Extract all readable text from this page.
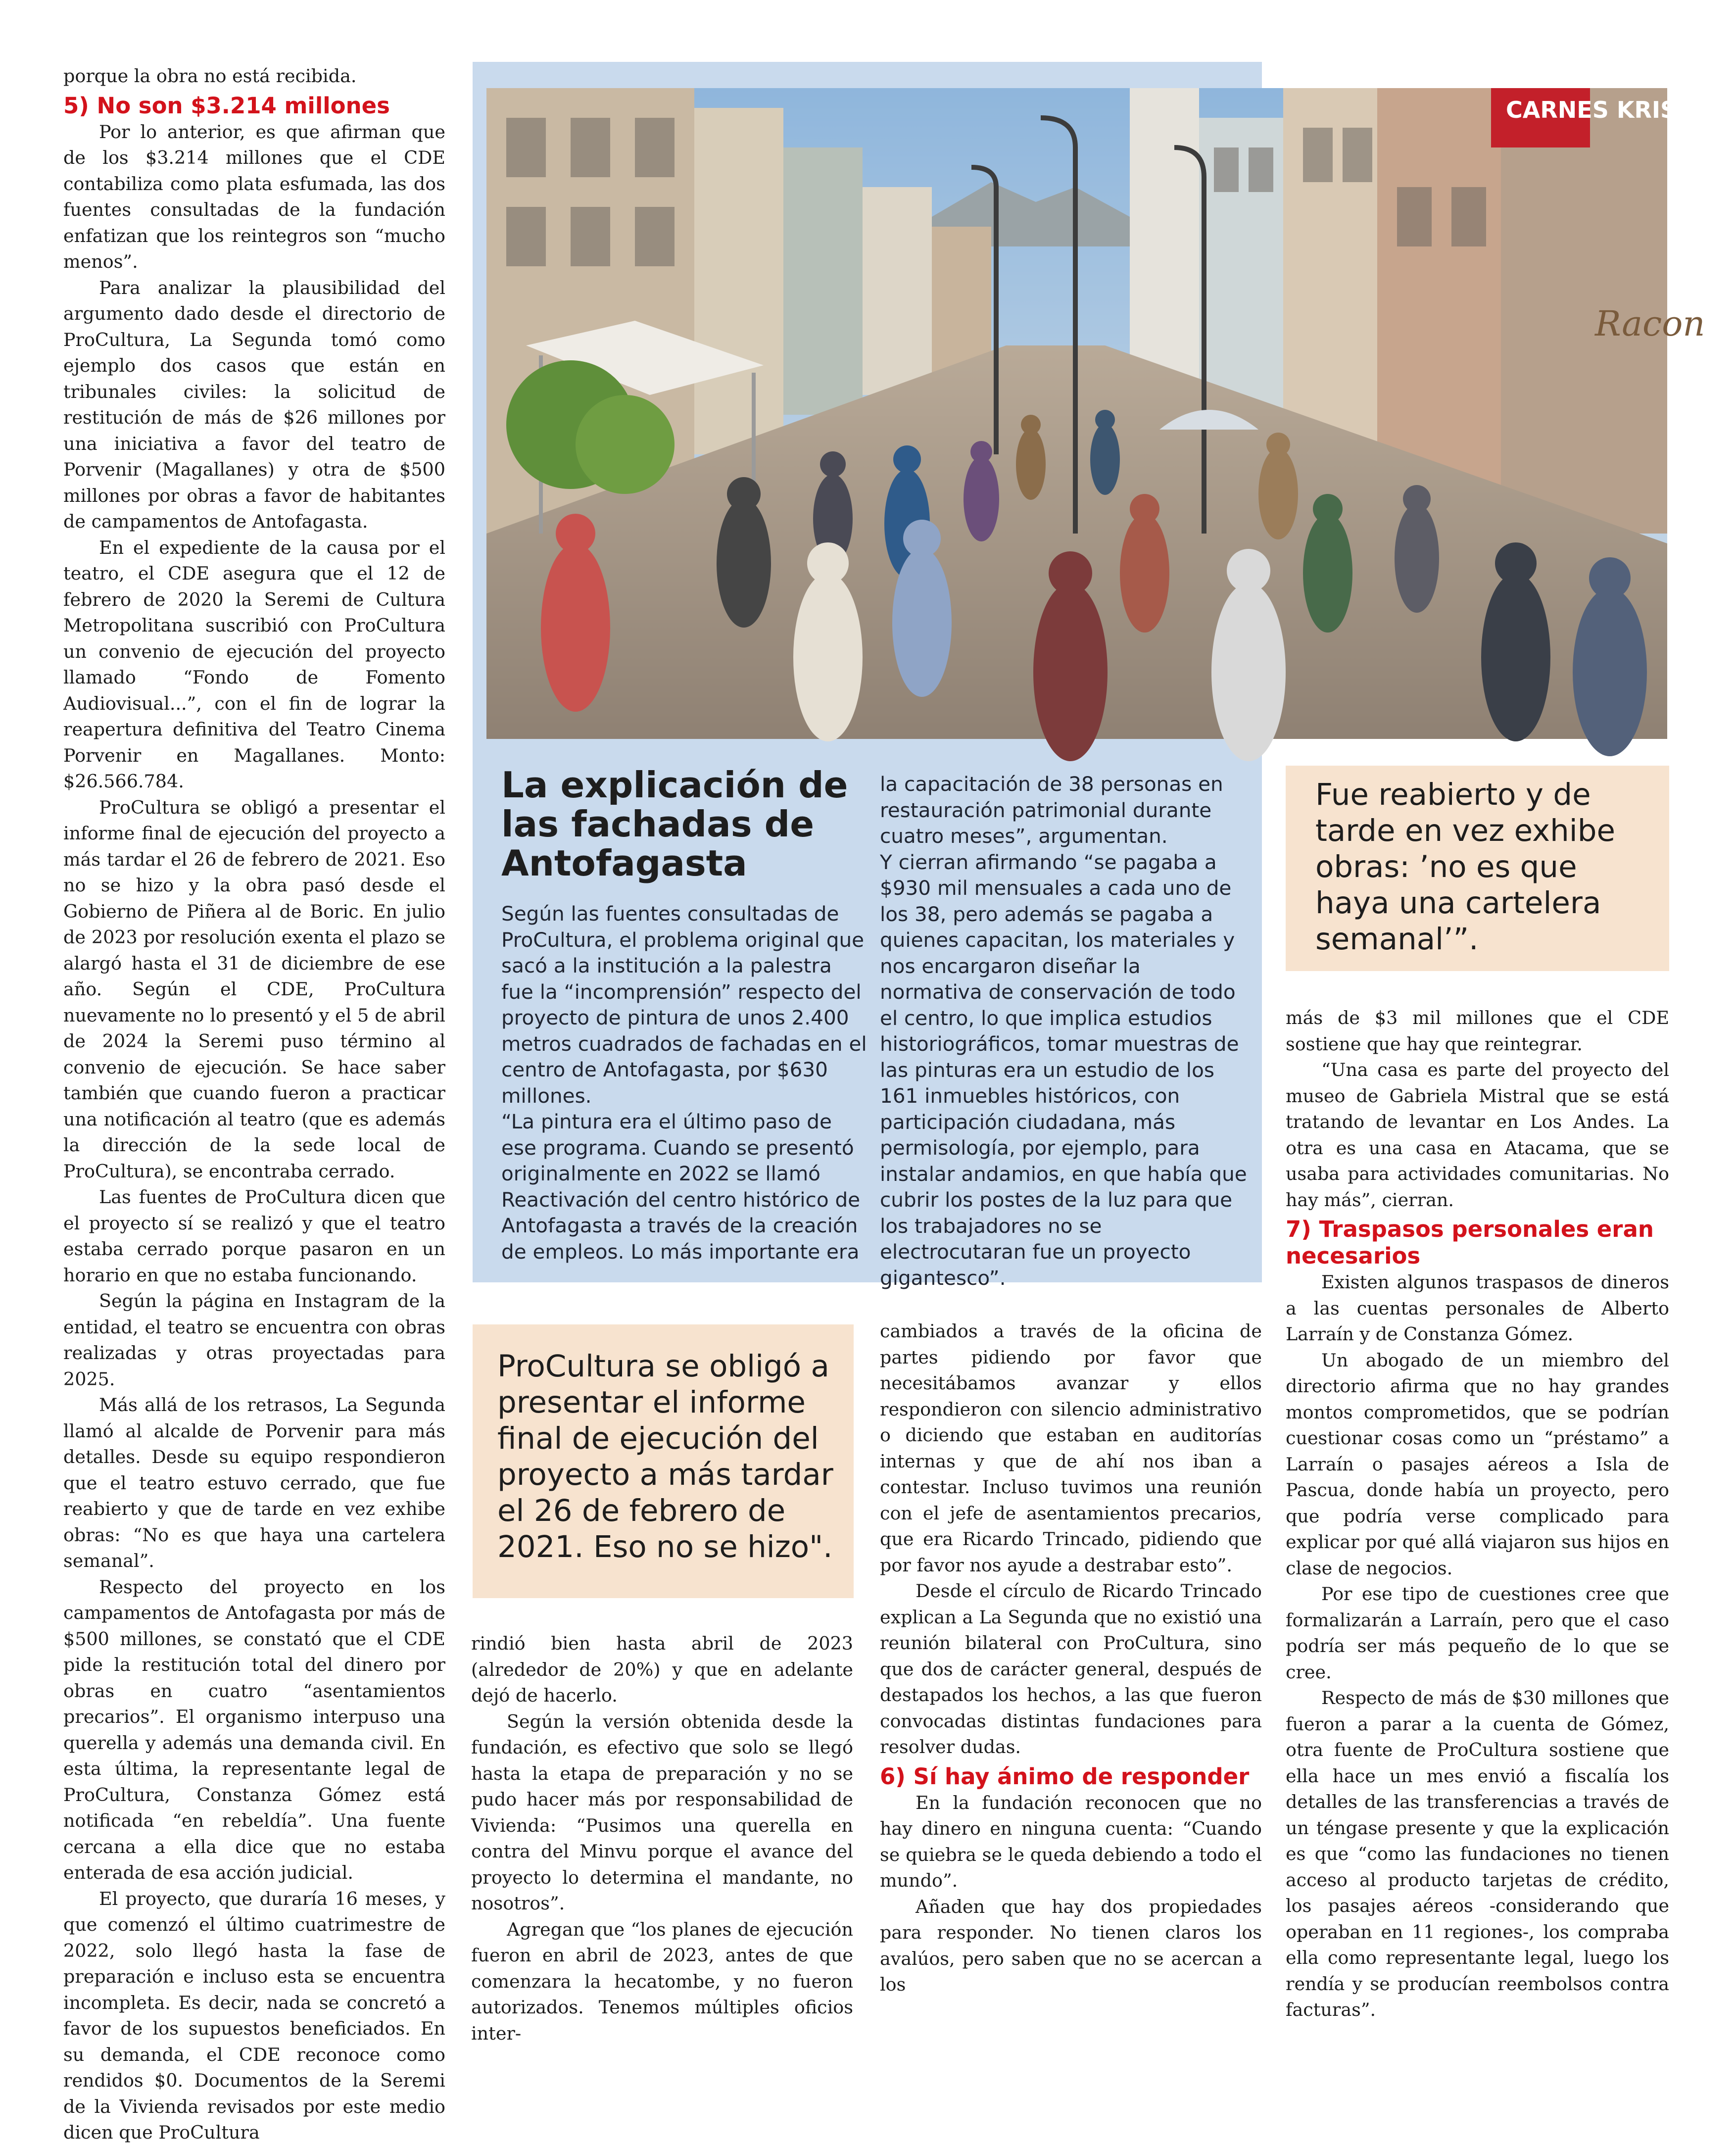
porque la obra no está recibida.

5) No son $3.214 millones

Por lo anterior, es que afirman que de los $3.214 millones que el CDE contabiliza como plata esfumada, las dos fuentes consultadas de la fundación enfatizan que los reintegros son “mucho menos”.

Para analizar la plausibilidad del argumento dado desde el directorio de ProCultura, La Segunda tomó como ejemplo dos casos que están en tribunales civiles: la solicitud de restitución de más de $26 millones por una iniciativa a favor del teatro de Porvenir (Magallanes) y otra de $500 millones por obras a favor de habitantes de campamentos de Antofagasta.

En el expediente de la causa por el teatro, el CDE asegura que el 12 de febrero de 2020 la Seremi de Cultura Metropolitana suscribió con ProCultura un convenio de ejecución del proyecto llamado “Fondo de Fomento Audiovisual...”, con el fin de lograr la reapertura definitiva del Teatro Cinema Porvenir en Magallanes. Monto: $26.566.784.

ProCultura se obligó a presentar el informe final de ejecución del proyecto a más tardar el 26 de febrero de 2021. Eso no se hizo y la obra pasó desde el Gobierno de Piñera al de Boric. En julio de 2023 por resolución exenta el plazo se alargó hasta el 31 de diciembre de ese año. Según el CDE, ProCultura nuevamente no lo presentó y el 5 de abril de 2024 la Seremi puso término al convenio de ejecución. Se hace saber también que cuando fueron a practicar una notificación al teatro (que es además la dirección de la sede local de ProCultura), se encontraba cerrado.

Las fuentes de ProCultura dicen que el proyecto sí se realizó y que el teatro estaba cerrado porque pasaron en un horario en que no estaba funcionando.

Según la página en Instagram de la entidad, el teatro se encuentra con obras realizadas y otras proyectadas para 2025.

Más allá de los retrasos, La Segunda llamó al alcalde de Porvenir para más detalles. Desde su equipo respondieron que el teatro estuvo cerrado, que fue reabierto y que de tarde en vez exhibe obras: “No es que haya una cartelera semanal”.

Respecto del proyecto en los campamentos de Antofagasta por más de $500 millones, se constató que el CDE pide la restitución total del dinero por obras en cuatro “asentamientos precarios”. El organismo interpuso una querella y además una demanda civil. En esta última, la representante legal de ProCultura, Constanza Gómez está notificada “en rebeldía”. Una fuente cercana a ella dice que no estaba enterada de esa acción judicial.

El proyecto, que duraría 16 meses, y que comenzó el último cuatrimestre de 2022, solo llegó hasta la fase de preparación e incluso esta se encuentra incompleta. Es decir, nada se concretó a favor de los supuestos beneficiados. En su demanda, el CDE reconoce como rendidos $0. Documentos de la Seremi de la Vivienda revisados por este medio dicen que ProCultura

CARNES KRIS
Racon
La explicación de las fachadas de Antofagasta

Según las fuentes consultadas de ProCultura, el problema original que sacó a la institución a la palestra fue la “incomprensión” respecto del proyecto de pintura de unos 2.400 metros cuadrados de fachadas en el centro de Antofagasta, por $630 millones.

“La pintura era el último paso de ese programa. Cuando se presentó originalmente en 2022 se llamó Reactivación del centro histórico de Antofagasta a través de la creación de empleos. Lo más importante era

la capacitación de 38 personas en restauración patrimonial durante cuatro meses”, argumentan.

Y cierran afirmando “se pagaba a $930 mil mensuales a cada uno de los 38, pero además se pagaba a quienes capacitan, los materiales y nos encargaron diseñar la normativa de conservación de todo el centro, lo que implica estudios historiográficos, tomar muestras de las pinturas era un estudio de los 161 inmuebles históricos, con participación ciudadana, más permisología, por ejemplo, para instalar andamios, en que había que cubrir los postes de la luz para que los trabajadores no se electrocutaran fue un proyecto gigantesco”.

Fue reabierto y de tarde en vez exhibe obras: ’no es que haya una cartelera semanal’”.
ProCultura se obligó a presentar el informe final de ejecución del proyecto a más tardar el 26 de febrero de 2021. Eso no se hizo".

rindió bien hasta abril de 2023 (alrededor de 20%) y que en adelante dejó de hacerlo.

Según la versión obtenida desde la fundación, es efectivo que solo se llegó hasta la etapa de preparación y no se pudo hacer más por responsabilidad de Vivienda: “Pusimos una querella en contra del Minvu porque el avance del proyecto lo determina el mandante, no nosotros”.

Agregan que “los planes de ejecución fueron en abril de 2023, antes de que comenzara la hecatombe, y no fueron autorizados. Tenemos múltiples oficios inter-

cambiados a través de la oficina de partes pidiendo por favor que necesitábamos avanzar y ellos respondieron con silencio administrativo o diciendo que estaban en auditorías internas y que de ahí nos iban a contestar. Incluso tuvimos una reunión con el jefe de asentamientos precarios, que era Ricardo Trincado, pidiendo que por favor nos ayude a destrabar esto”.

Desde el círculo de Ricardo Trincado explican a La Segunda que no existió una reunión bilateral con ProCultura, sino que dos de carácter general, después de destapados los hechos, a las que fueron convocadas distintas fundaciones para resolver dudas.

6) Sí hay ánimo de responder

En la fundación reconocen que no hay dinero en ninguna cuenta: “Cuando se quiebra se le queda debiendo a todo el mundo”.

Añaden que hay dos propiedades para responder. No tienen claros los avalúos, pero saben que no se acercan a los

más de $3 mil millones que el CDE sostiene que hay que reintegrar.

“Una casa es parte del proyecto del museo de Gabriela Mistral que se está tratando de levantar en Los Andes. La otra es una casa en Atacama, que se usaba para actividades comunitarias. No hay más”, cierran.

7) Traspasos personales eran necesarios

Existen algunos traspasos de dineros a las cuentas personales de Alberto Larraín y de Constanza Gómez.

Un abogado de un miembro del directorio afirma que no hay grandes montos comprometidos, que se podrían cuestionar cosas como un “préstamo” a Larraín o pasajes aéreos a Isla de Pascua, donde había un proyecto, pero que podría verse complicado para explicar por qué allá viajaron sus hijos en clase de negocios.

Por ese tipo de cuestiones cree que formalizarán a Larraín, pero que el caso podría ser más pequeño de lo que se cree.

Respecto de más de $30 millones que fueron a parar a la cuenta de Gómez, otra fuente de ProCultura sostiene que ella hace un mes envió a fiscalía los detalles de las transferencias a través de un téngase presente y que la explicación es que “como las fundaciones no tienen acceso al producto tarjetas de crédito, los pasajes aéreos -considerando que operaban en 11 regiones-, los compraba ella como representante legal, luego los rendía y se producían reembolsos contra facturas”.
